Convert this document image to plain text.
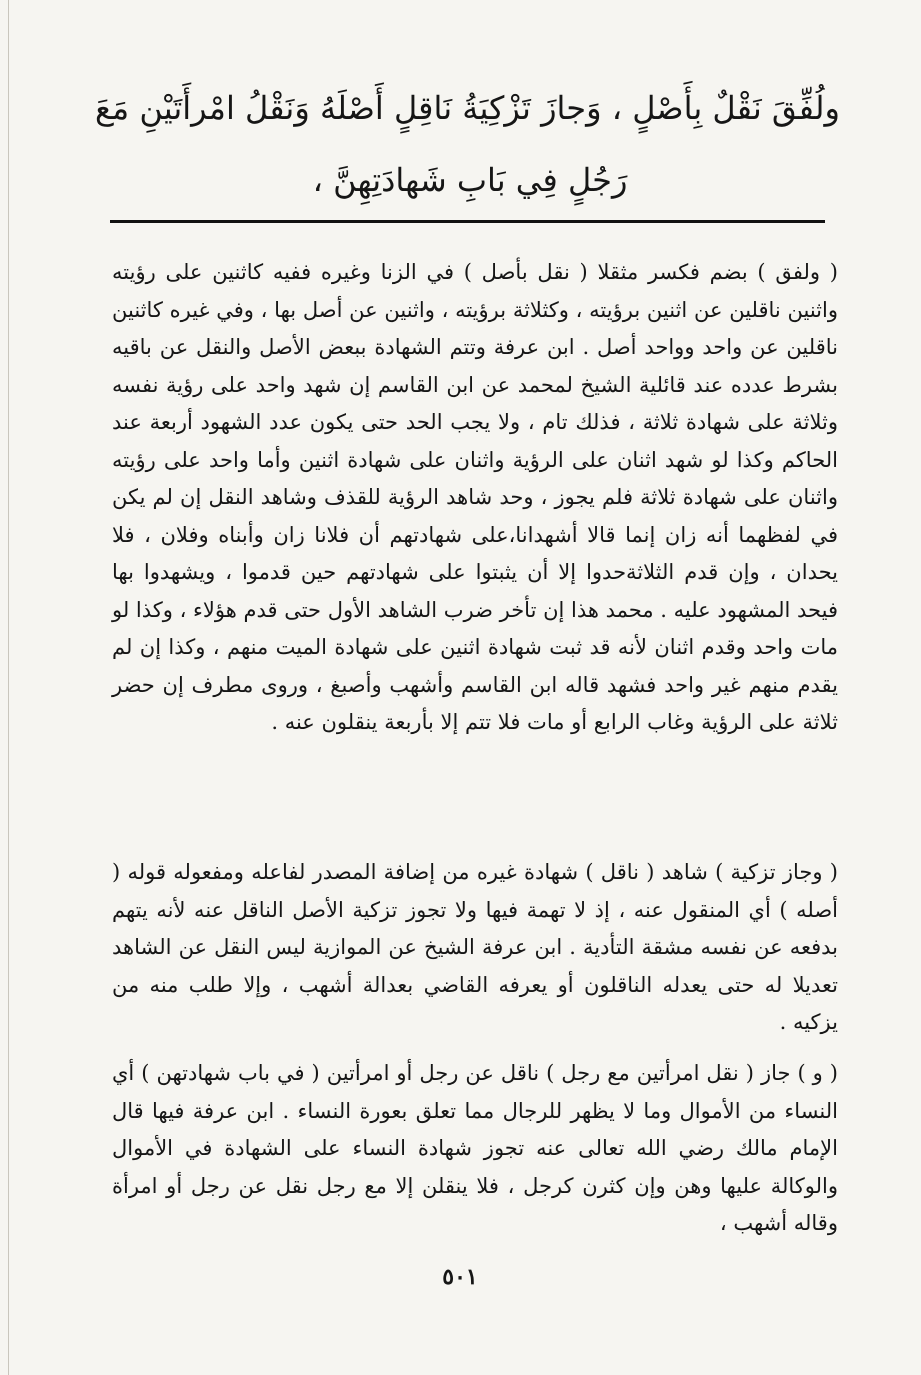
ولُفِّقَ نَقْلٌ بِأَصْلٍ ، وَجازَ تَزْكِيَةُ نَاقِلٍ أَصْلَهُ وَنَقْلُ امْرأَتَيْنِ مَعَ
رَجُلٍ فِي بَابِ شَهادَتِهِنَّ ،

( ولفق ) بضم فكسر مثقلا ( نقل بأصل ) في الزنا وغيره ففيه كاثنين على رؤيته واثنين ناقلين عن اثنين برؤيته ، وكثلاثة برؤيته ، واثنين عن أصل بها ، وفي غيره كاثنين ناقلين عن واحد وواحد أصل . ابن عرفة وتتم الشهادة ببعض الأصل والنقل عن باقيه بشرط عدده عند قائلية الشيخ لمحمد عن ابن القاسم إن شهد واحد على رؤية نفسه وثلاثة على شهادة ثلاثة ، فذلك تام ، ولا يجب الحد حتى يكون عدد الشهود أربعة عند الحاكم وكذا لو شهد اثنان على الرؤية واثنان على شهادة اثنين وأما واحد على رؤيته واثنان على شهادة ثلاثة فلم يجوز ، وحد شاهد الرؤية للقذف وشاهد النقل إن لم يكن في لفظهما أنه زان إنما قالا أشهدانا،على شهادتهم أن فلانا زان وأبناه وفلان ، فلا يحدان ، وإن قدم الثلاثةحدوا إلا أن يثبتوا على شهادتهم حين قدموا ، ويشهدوا بها فيحد المشهود عليه . محمد هذا إن تأخر ضرب الشاهد الأول حتى قدم هؤلاء ، وكذا لو مات واحد وقدم اثنان لأنه قد ثبت شهادة اثنين على شهادة الميت منهم ، وكذا إن لم يقدم منهم غير واحد فشهد قاله ابن القاسم وأشهب وأصبغ ، وروى مطرف إن حضر ثلاثة على الرؤية وغاب الرابع أو مات فلا تتم إلا بأربعة ينقلون عنه .

( وجاز تزكية ) شاهد ( ناقل ) شهادة غيره من إضافة المصدر لفاعله ومفعوله قوله ( أصله ) أي المنقول عنه ، إذ لا تهمة فيها ولا تجوز تزكية الأصل الناقل عنه لأنه يتهم بدفعه عن نفسه مشقة التأدية . ابن عرفة الشيخ عن الموازية ليس النقل عن الشاهد تعديلا له حتى يعدله الناقلون أو يعرفه القاضي بعدالة أشهب ، وإلا طلب منه من يزكيه .

( و ) جاز ( نقل امرأتين مع رجل ) ناقل عن رجل أو امرأتين ( في باب شهادتهن ) أي النساء من الأموال وما لا يظهر للرجال مما تعلق بعورة النساء . ابن عرفة فيها قال الإمام مالك رضي الله تعالى عنه تجوز شهادة النساء على الشهادة في الأموال والوكالة عليها وهن وإن كثرن كرجل ، فلا ينقلن إلا مع رجل نقل عن رجل أو امرأة وقاله أشهب ،

٥٠١
